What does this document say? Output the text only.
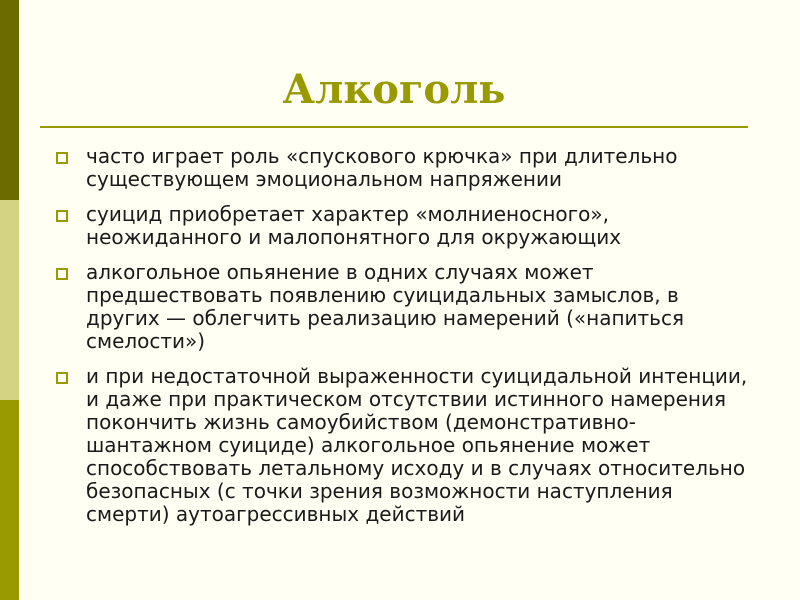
Алкоголь
часто играет роль «спускового крючка» при длительно существующем эмоциональном напряжении
суицид приобретает характер «молниеносного», неожиданного и малопонятного для окружающих
алкогольное опьянение в одних случаях может предшествовать появлению суицидальных замыслов, в других — облегчить реализацию намерений («напиться смелости»)
и при недостаточной выраженности суицидальной интенции, и даже при практическом отсутствии истинного намерения покончить жизнь самоубийством (демонстративно-шантажном суициде) алкогольное опьянение может способствовать летальному исходу и в случаях относительно безопасных (с точки зрения возможности наступления смерти) аутоагрессивных действий
